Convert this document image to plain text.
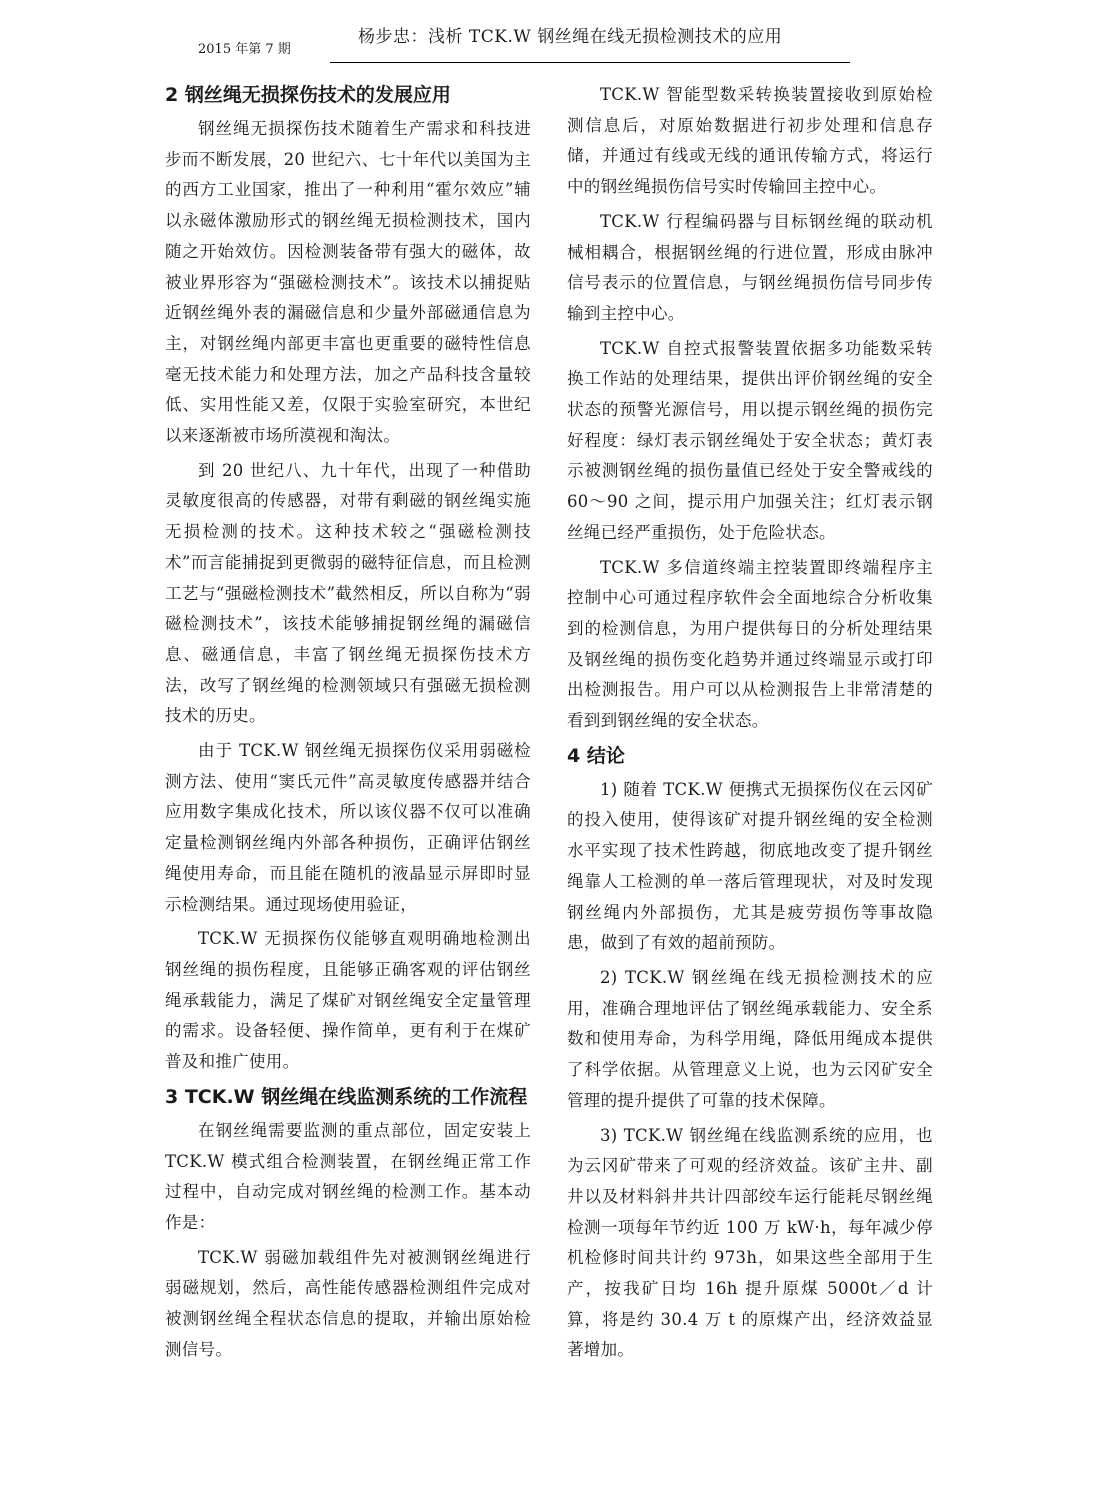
2015 年第 7 期
杨步忠：浅析 TCK.W 钢丝绳在线无损检测技术的应用
2 钢丝绳无损探伤技术的发展应用

钢丝绳无损探伤技术随着生产需求和科技进步而不断发展，20 世纪六、七十年代以美国为主的西方工业国家，推出了一种利用“霍尔效应”辅以永磁体激励形式的钢丝绳无损检测技术，国内随之开始效仿。因检测装备带有强大的磁体，故被业界形容为“强磁检测技术”。该技术以捕捉贴近钢丝绳外表的漏磁信息和少量外部磁通信息为主，对钢丝绳内部更丰富也更重要的磁特性信息毫无技术能力和处理方法，加之产品科技含量较低、实用性能又差，仅限于实验室研究，本世纪以来逐渐被市场所漠视和淘汰。

到 20 世纪八、九十年代，出现了一种借助灵敏度很高的传感器，对带有剩磁的钢丝绳实施无损检测的技术。这种技术较之“强磁检测技术”而言能捕捉到更微弱的磁特征信息，而且检测工艺与“强磁检测技术”截然相反，所以自称为“弱磁检测技术”，该技术能够捕捉钢丝绳的漏磁信息、磁通信息，丰富了钢丝绳无损探伤技术方法，改写了钢丝绳的检测领域只有强磁无损检测技术的历史。

由于 TCK.W 钢丝绳无损探伤仪采用弱磁检测方法、使用“窦氏元件”高灵敏度传感器并结合应用数字集成化技术，所以该仪器不仅可以准确定量检测钢丝绳内外部各种损伤，正确评估钢丝绳使用寿命，而且能在随机的液晶显示屏即时显示检测结果。通过现场使用验证，

TCK.W 无损探伤仪能够直观明确地检测出钢丝绳的损伤程度，且能够正确客观的评估钢丝绳承载能力，满足了煤矿对钢丝绳安全定量管理的需求。设备轻便、操作简单，更有利于在煤矿普及和推广使用。

3 TCK.W 钢丝绳在线监测系统的工作流程

在钢丝绳需要监测的重点部位，固定安装上 TCK.W 模式组合检测装置，在钢丝绳正常工作过程中，自动完成对钢丝绳的检测工作。基本动作是：

TCK.W 弱磁加载组件先对被测钢丝绳进行弱磁规划，然后，高性能传感器检测组件完成对被测钢丝绳全程状态信息的提取，并输出原始检测信号。

TCK.W 智能型数采转换装置接收到原始检测信息后，对原始数据进行初步处理和信息存储，并通过有线或无线的通讯传输方式，将运行中的钢丝绳损伤信号实时传输回主控中心。

TCK.W 行程编码器与目标钢丝绳的联动机械相耦合，根据钢丝绳的行进位置，形成由脉冲信号表示的位置信息，与钢丝绳损伤信号同步传输到主控中心。

TCK.W 自控式报警装置依据多功能数采转换工作站的处理结果，提供出评价钢丝绳的安全状态的预警光源信号，用以提示钢丝绳的损伤完好程度：绿灯表示钢丝绳处于安全状态；黄灯表示被测钢丝绳的损伤量值已经处于安全警戒线的 60～90 之间，提示用户加强关注；红灯表示钢丝绳已经严重损伤，处于危险状态。

TCK.W 多信道终端主控装置即终端程序主控制中心可通过程序软件会全面地综合分析收集到的检测信息，为用户提供每日的分析处理结果及钢丝绳的损伤变化趋势并通过终端显示或打印出检测报告。用户可以从检测报告上非常清楚的看到到钢丝绳的安全状态。

4 结论

1) 随着 TCK.W 便携式无损探伤仪在云冈矿的投入使用，使得该矿对提升钢丝绳的安全检测水平实现了技术性跨越，彻底地改变了提升钢丝绳靠人工检测的单一落后管理现状，对及时发现钢丝绳内外部损伤，尤其是疲劳损伤等事故隐患，做到了有效的超前预防。

2) TCK.W 钢丝绳在线无损检测技术的应用，准确合理地评估了钢丝绳承载能力、安全系数和使用寿命，为科学用绳，降低用绳成本提供了科学依据。从管理意义上说，也为云冈矿安全管理的提升提供了可靠的技术保障。

3) TCK.W 钢丝绳在线监测系统的应用，也为云冈矿带来了可观的经济效益。该矿主井、副井以及材料斜井共计四部绞车运行能耗尽钢丝绳检测一项每年节约近 100 万 kW·h，每年减少停机检修时间共计约 973h，如果这些全部用于生产，按我矿日均 16h 提升原煤 5000t／d 计算，将是约 30.4 万 t 的原煤产出，经济效益显著增加。
